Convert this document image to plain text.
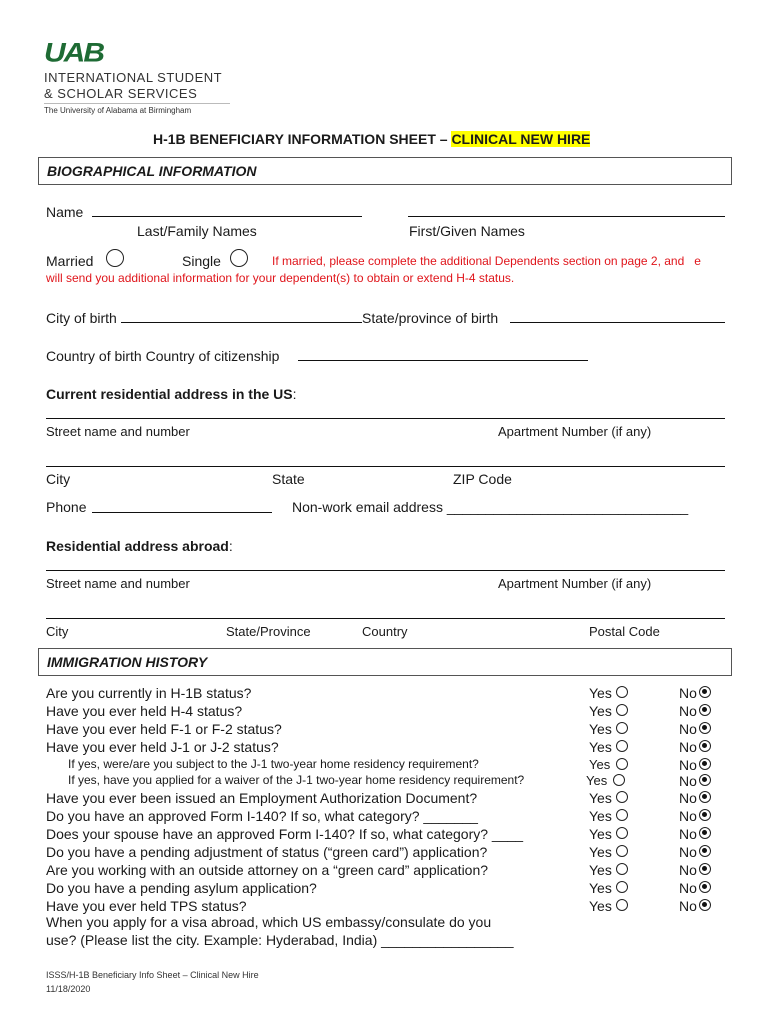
UAB
INTERNATIONAL STUDENT
& SCHOLAR SERVICES
The University of Alabama at Birmingham
H-1B BENEFICIARY INFORMATION SHEET – CLINICAL NEW HIRE
BIOGRAPHICAL INFORMATION
Name
Last/Family Names	First/Given Names
Married	Single	If married, please complete the additional Dependents section on page 2, and   e
will send you additional information for your dependent(s) to obtain or extend H-4 status.
City of birth	State/province of birth
Country of birth Country of citizenship
Current residential address in the US:
Street name and number	Apartment Number (if any)
City	State	ZIP Code
Phone	Non-work email address _______________________________
Residential address abroad:
Street name and number	Apartment Number (if any)
City	State/Province	Country	Postal Code
IMMIGRATION HISTORY
Are you currently in H-1B status?	Yes	No
Have you ever held H-4 status?	Yes	No
Have you ever held F-1 or F-2 status?	Yes	No
Have you ever held J-1 or J-2 status?	Yes	No
If yes, were/are you subject to the J-1 two-year home residency requirement?	Yes	No
If yes, have you applied for a waiver of the J-1 two-year home residency requirement?	Yes	No
Have you ever been issued an Employment Authorization Document?	Yes	No
Do you have an approved Form I-140? If so, what category? _______	Yes	No
Does your spouse have an approved Form I-140? If so, what category? ____	Yes	No
Do you have a pending adjustment of status (“green card”) application?	Yes	No
Are you working with an outside attorney on a “green card” application?	Yes	No
Do you have a pending asylum application?	Yes	No
Have you ever held TPS status?	Yes	No
When you apply for a visa abroad, which US embassy/consulate do you
use? (Please list the city. Example: Hyderabad, India) _________________
ISSS/H-1B Beneficiary Info Sheet – Clinical New Hire
11/18/2020
